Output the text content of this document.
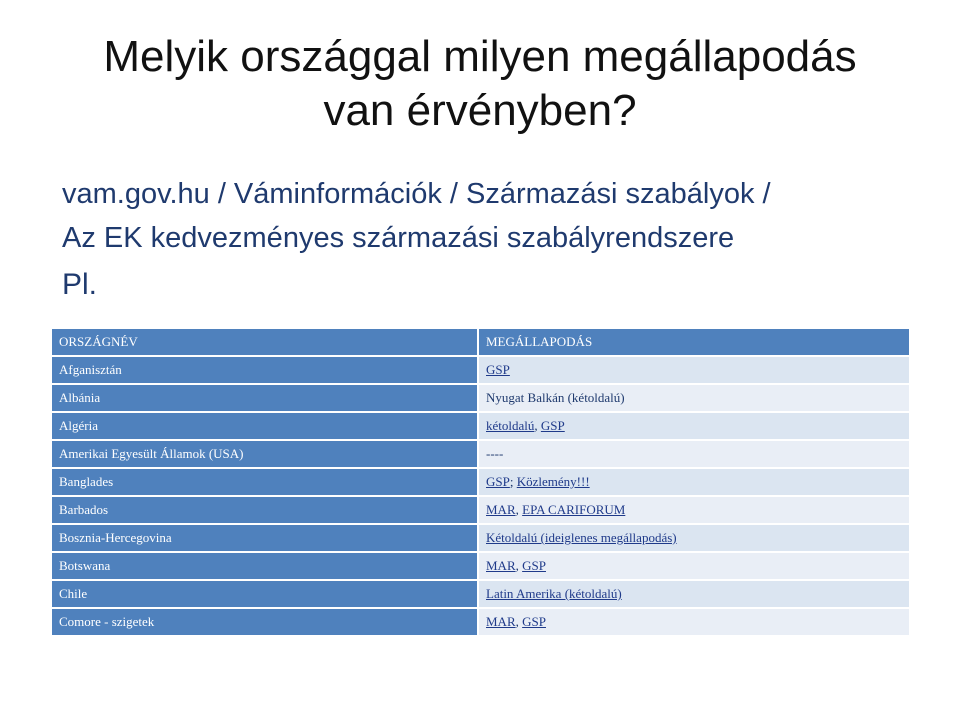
Melyik országgal milyen megállapodás
van érvényben?

vam.gov.hu / Váminformációk / Származási szabályok /
Az EK kedvezményes származási szabályrendszere

Pl.

ORSZÁGNÉV	MEGÁLLAPODÁS
Afganisztán	GSP
Albánia	Nyugat Balkán (kétoldalú)
Algéria	kétoldalú, GSP
Amerikai Egyesült Államok (USA)	----
Banglades	GSP; Közlemény!!!
Barbados	MAR, EPA CARIFORUM
Bosznia-Hercegovina	Kétoldalú (ideiglenes megállapodás)
Botswana	MAR, GSP
Chile	Latin Amerika (kétoldalú)
Comore - szigetek	MAR, GSP
